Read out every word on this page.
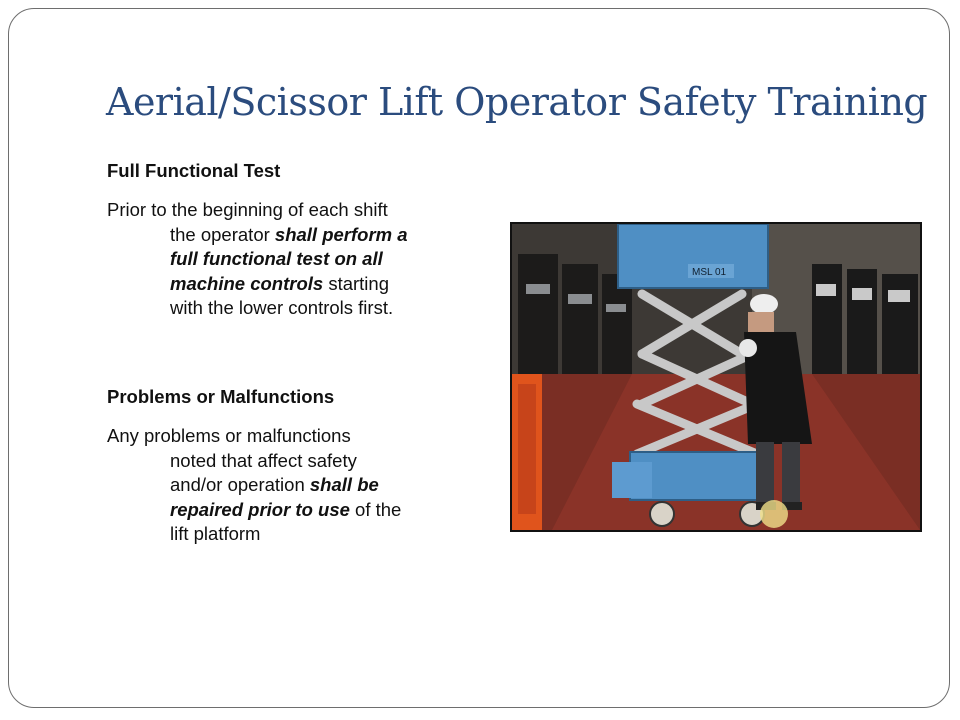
Aerial/Scissor Lift Operator Safety Training
Full Functional Test
Prior to the beginning of each shift
the operator shall perform a
full functional test on all
machine controls starting
with the lower controls first.
Problems or Malfunctions
Any problems or malfunctions
noted that affect safety
and/or operation shall be
repaired prior to use of the
lift platform
MSL 01
